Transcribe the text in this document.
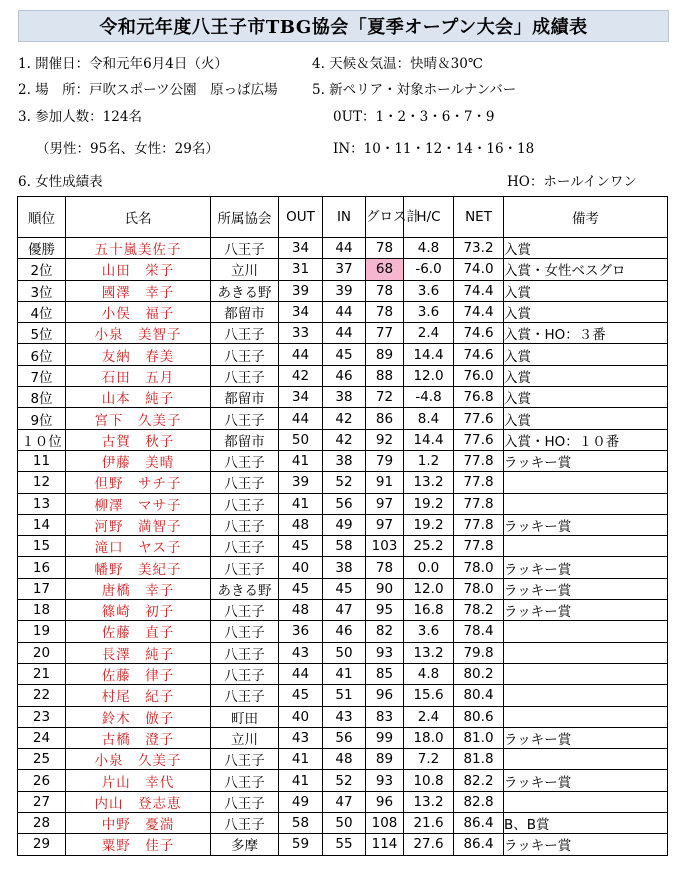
令和元年度八王子市TBG協会「夏季オープン大会」成績表
1. 開催日：令和元年6月4日（火）	4. 天候＆気温：快晴＆30℃
2. 場　所：戸吹スポーツ公園　原っぱ広場	5. 新ペリア・対象ホールナンバー
3. 参加人数：124名	0UT：1・2・3・6・7・9
（男性：95名、女性：29名）	IN：10・11・12・14・16・18
6. 女性成績表	HO：ホールインワン
順位	氏名	所属協会	OUT	IN	グロス計	H/C	NET	備考
優勝	五十嵐美佐子	八王子	34	44	78	4.8	73.2	入賞
2位	山田　栄子	立川	31	37	68	-6.0	74.0	入賞・女性ベスグロ
3位	國澤　幸子	あきる野	39	39	78	3.6	74.4	入賞
4位	小俣　福子	都留市	34	44	78	3.6	74.4	入賞
5位	小泉　美智子	八王子	33	44	77	2.4	74.6	入賞・HO：３番
6位	友納　春美	八王子	44	45	89	14.4	74.6	入賞
7位	石田　五月	八王子	42	46	88	12.0	76.0	入賞
8位	山本　純子	都留市	34	38	72	-4.8	76.8	入賞
9位	宮下　久美子	八王子	44	42	86	8.4	77.6	入賞
１０位	古賀　秋子	都留市	50	42	92	14.4	77.6	入賞・HO：１０番
11	伊藤　美晴	八王子	41	38	79	1.2	77.8	ラッキー賞
12	但野　サチ子	八王子	39	52	91	13.2	77.8	
13	柳澤　マサ子	八王子	41	56	97	19.2	77.8	
14	河野　満智子	八王子	48	49	97	19.2	77.8	ラッキー賞
15	滝口　ヤス子	八王子	45	58	103	25.2	77.8	
16	幡野　美紀子	八王子	40	38	78	0.0	78.0	ラッキー賞
17	唐橋　幸子	あきる野	45	45	90	12.0	78.0	ラッキー賞
18	篠崎　初子	八王子	48	47	95	16.8	78.2	ラッキー賞
19	佐藤　直子	八王子	36	46	82	3.6	78.4	
20	長澤　純子	八王子	43	50	93	13.2	79.8	
21	佐藤　律子	八王子	44	41	85	4.8	80.2	
22	村尾　紀子	八王子	45	51	96	15.6	80.4	
23	鈴木　倣子	町田	40	43	83	2.4	80.6	
24	古橋　澄子	立川	43	56	99	18.0	81.0	ラッキー賞
25	小泉　久美子	八王子	41	48	89	7.2	81.8	
26	片山　幸代	八王子	41	52	93	10.8	82.2	ラッキー賞
27	内山　登志恵	八王子	49	47	96	13.2	82.8	
28	中野　憂湍	八王子	58	50	108	21.6	86.4	B、B賞
29	粟野　佳子	多摩	59	55	114	27.6	86.4	ラッキー賞
